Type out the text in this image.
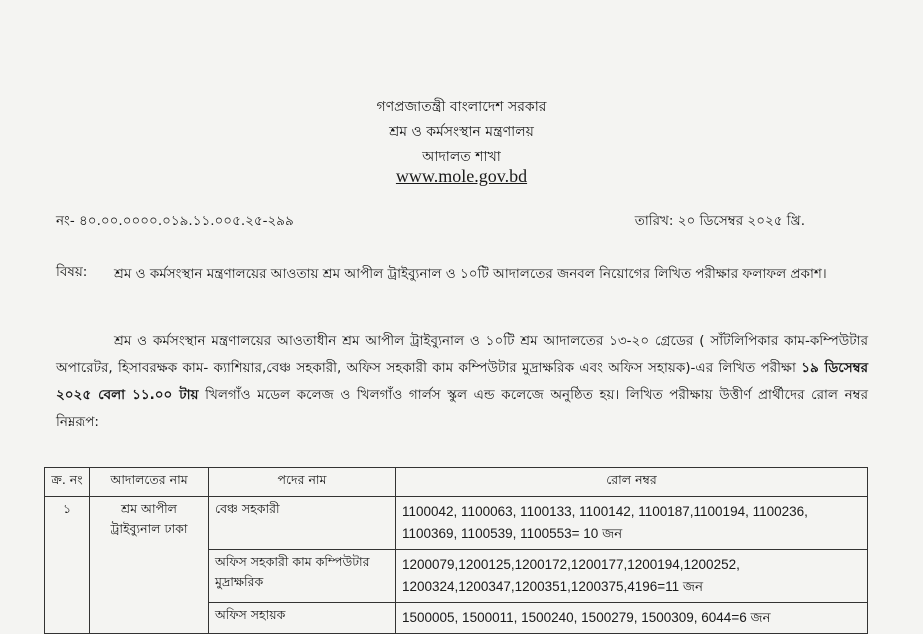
গণপ্রজাতন্ত্রী বাংলাদেশ সরকার
শ্রম ও কর্মসংস্থান মন্ত্রণালয়
আদালত শাখা
www.mole.gov.bd
নং- ৪০.০০.০০০০.০১৯.১১.০০৫.২৫-২৯৯	তারিখ: ২০ ডিসেম্বর ২০২৫ খ্রি.
বিষয়: শ্রম ও কর্মসংস্থান মন্ত্রণালয়ের আওতায় শ্রম আপীল ট্রাইব্যুনাল ও ১০টি আদালতের জনবল নিয়োগের লিখিত পরীক্ষার ফলাফল প্রকাশ।
শ্রম ও কর্মসংস্থান মন্ত্রণালয়ের আওতাধীন শ্রম আপীল ট্রাইব্যুনাল ও ১০টি শ্রম আদালতের ১৩-২০ গ্রেডের ( সাঁটলিপিকার কাম-কম্পিউটার অপারেটর, হিসাবরক্ষক কাম- ক্যাশিয়ার,বেঞ্চ সহকারী, অফিস সহকারী কাম কম্পিউটার মুদ্রাক্ষরিক এবং অফিস সহায়ক)-এর লিখিত পরীক্ষা ১৯ ডিসেম্বর ২০২৫ বেলা ১১.০০ টায় খিলগাঁও মডেল কলেজ ও খিলগাঁও গার্লস স্কুল এন্ড কলেজে অনুষ্ঠিত হয়। লিখিত পরীক্ষায় উত্তীর্ণ প্রার্থীদের রোল নম্বর নিম্নরূপ:
ক্র. নং	আদালতের নাম	পদের নাম	রোল নম্বর
১	শ্রম আপীল ট্রাইব্যুনাল ঢাকা	বেঞ্চ সহকারী	1100042, 1100063, 1100133, 1100142, 1100187,1100194, 1100236, 1100369, 1100539, 1100553= 10 জন
		অফিস সহকারী কাম কম্পিউটার মুদ্রাক্ষরিক	1200079,1200125,1200172,1200177,1200194,1200252, 1200324,1200347,1200351,1200375,4196=11 জন
		অফিস সহায়ক	1500005, 1500011, 1500240, 1500279, 1500309, 6044=6 জন
